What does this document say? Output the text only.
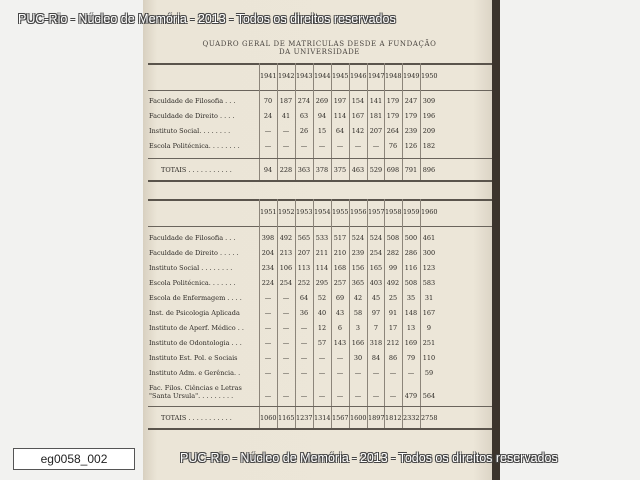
QUADRO GERAL DE MATRICULAS DESDE A FUNDAÇÃO
DA UNIVERSIDADE
1941 1942 1943 1944 1945 1946 1947 1948 1949 1950
Faculdade de Filosofia . . .	70	187 274 269 197 154 141 179 247 309
Faculdade de Direito . . . .	24	41	63	94	114 167 181 179 179 196
Instituto Social. . . . . . . .	—	—	26	15	64	142 207 264 239 209
Escola Politécnica. . . . . . . .	—	—	—	—	—	—	—	76	126 182
TOTAIS . . . . . . . . . . .	94	228 363 378 375 463 529 698 791 896
1951 1952 1953 1954 1955 1956 1957 1958 1959 1960
Faculdade de Filosofia . . .	398 492 565 533 517 524 524 508 500 461
Faculdade de Direito . . . . .	204 213 207 211 210 239 254 282 286 300
Instituto Social . . . . . . . .	234 106 113 114 168 156 165	99	116 123
Escola Politécnica. . . . . . .	224 254 252 295 257 365 403 492 508 583
Escola de Enfermagem . . . .	—	—	64	52	69	42	45	25	35	31
Inst. de Psicologia Aplicada	—	—	36	40	43	58	97	91	148 167
Instituto de Aperf. Médico . .	—	—	—	12	6	3	7	17	13	9
Instituto de Odontologia . . .	—	—	—	57	143 166 318 212 169 251
Instituto Est. Pol. e Sociais	—	—	—	—	—	30	84	86	79	110
Instituto Adm. e Gerência. .	—	—	—	—	—	—	—	—	—	59
Fac. Filos. Ciências e Letras
"Santa Ursula". . . . . . . . .	—	—	—	—	—	—	—	—	479 564
TOTAIS . . . . . . . . . . .	1060 1165 1237 1314 1567 1600 1897 1812 2332 2758
PUC-Rio - Núcleo de Memória - 2013 - Todos os direitos reservados
PUC-Rio - Núcleo de Memória - 2013 - Todos os direitos reservados
eg0058_002
